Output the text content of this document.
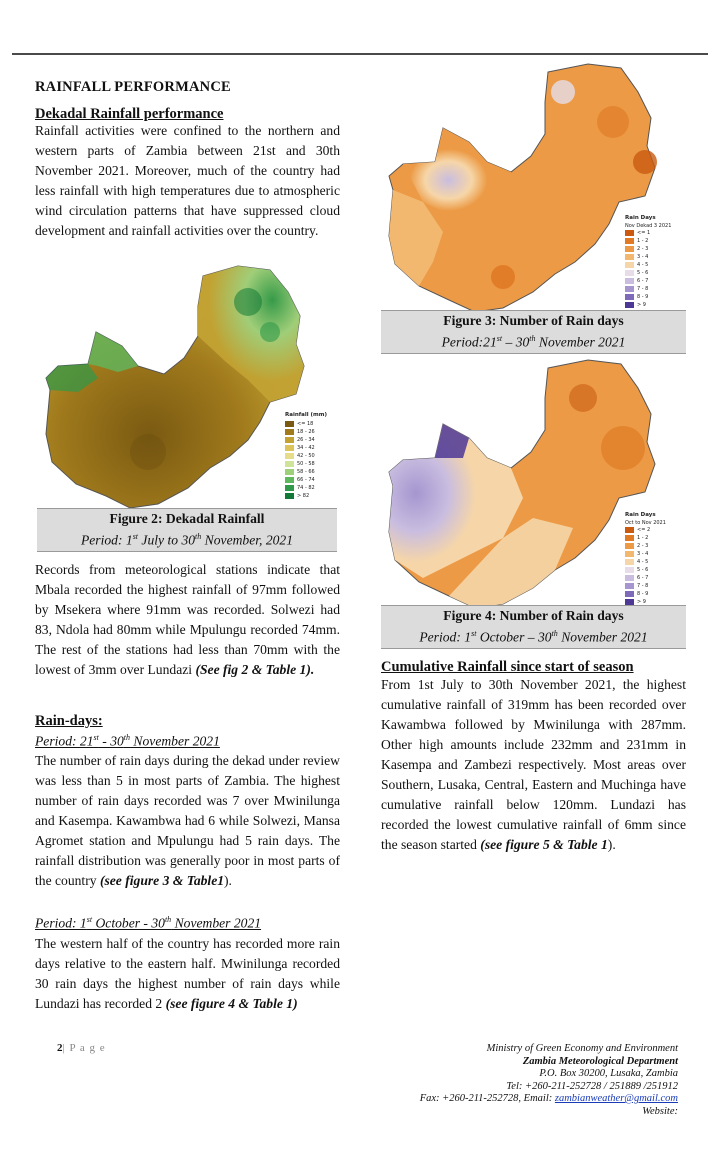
RAINFALL PERFORMANCE
Dekadal Rainfall performance
Rainfall activities were confined to the northern and western parts of Zambia between 21st and 30th November 2021. Moreover, much of the country had less rainfall with high temperatures due to atmospheric wind circulation patterns that have suppressed cloud development and rainfall activities over the country.
Rainfall (mm)
<= 18
18 - 26
26 - 34
34 - 42
42 - 50
50 - 58
58 - 66
66 - 74
74 - 82
> 82
Figure 2: Dekadal Rainfall
Period: 1st July to 30th November, 2021
Records from meteorological stations indicate that Mbala recorded the highest rainfall of 97mm followed by Msekera where 91mm was recorded. Solwezi had 83, Ndola had 80mm while Mpulungu recorded 74mm. The rest of the stations had less than 70mm with the lowest of 3mm over Lundazi (See fig 2 & Table 1).
Rain-days:
Period: 21st - 30th November 2021
The number of rain days during the dekad under review was less than 5 in most parts of Zambia. The highest number of rain days recorded was 7 over Mwinilunga and Kasempa. Kawambwa had 6 while Solwezi, Mansa Agromet station and Mpulungu had 5 rain days. The rainfall distribution was generally poor in most parts of the country (see figure 3 & Table1).
Period: 1st October - 30th November 2021
The western half of the country has recorded more rain days relative to the eastern half. Mwinilunga recorded 30 rain days the highest number of rain days while Lundazi has recorded 2 (see figure 4 & Table 1)
Rain Days
Nov Dekad 3 2021
<= 1
1 - 2
2 - 3
3 - 4
4 - 5
5 - 6
6 - 7
7 - 8
8 - 9
> 9
Figure 3: Number of Rain days
Period:21st – 30th November 2021
Rain Days
Oct to Nov 2021
<= 2
1 - 2
2 - 3
3 - 4
4 - 5
5 - 6
6 - 7
7 - 8
8 - 9
> 9
Figure 4: Number of Rain days
Period: 1st October – 30th November 2021
Cumulative Rainfall since start of season
From 1st July to 30th November 2021, the highest cumulative rainfall of 319mm has been recorded over Kawambwa followed by Mwinilunga with 287mm. Other high amounts include 232mm and 231mm in Kasempa and Zambezi respectively. Most areas over Southern, Lusaka, Central, Eastern and Muchinga have cumulative rainfall below 120mm. Lundazi has recorded the lowest cumulative rainfall of 6mm since the season started (see figure 5 & Table 1).
2| P a g e	Ministry of Green Economy and Environment
Zambia Meteorological Department
P.O. Box 30200, Lusaka, Zambia
Tel: +260-211-252728 / 251889 /251912
Fax: +260-211-252728, Email: zambianweather@gmail.com
Website:
